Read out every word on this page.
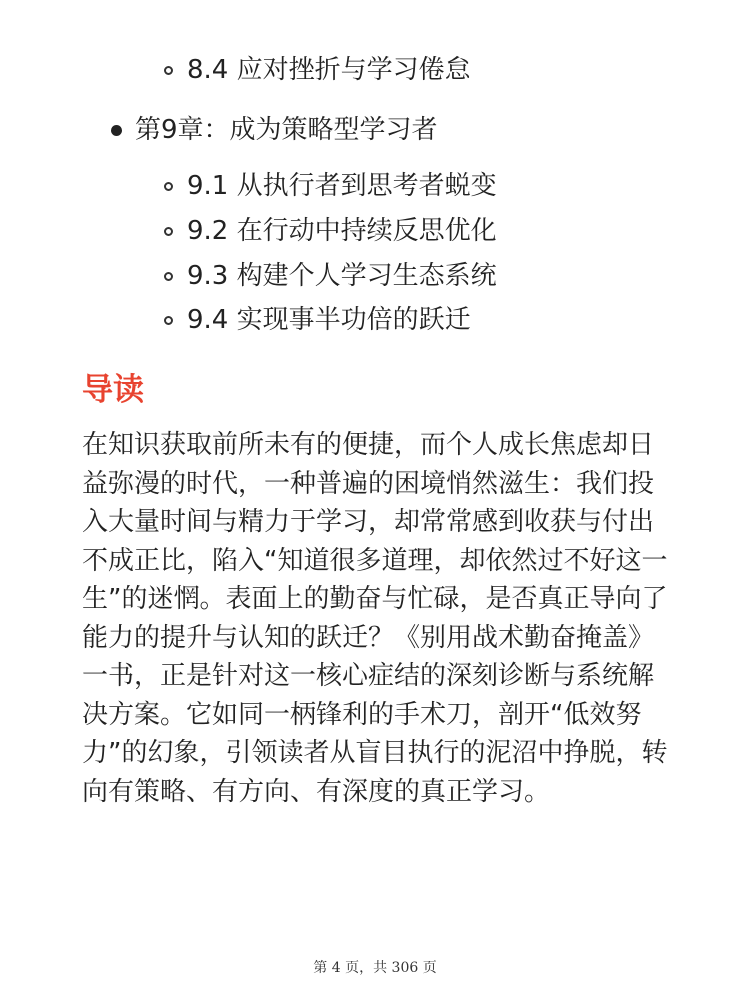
8.4 应对挫折与学习倦怠
第9章：成为策略型学习者
9.1 从执行者到思考者蜕变
9.2 在行动中持续反思优化
9.3 构建个人学习生态系统
9.4 实现事半功倍的跃迁
导读

在知识获取前所未有的便捷，而个人成长焦虑却日益弥漫的时代，一种普遍的困境悄然滋生：我们投入大量时间与精力于学习，却常常感到收获与付出不成正比，陷入“知道很多道理，却依然过不好这一生”的迷惘。表面上的勤奋与忙碌，是否真正导向了能力的提升与认知的跃迁？《别用战术勤奋掩盖》一书，正是针对这一核心症结的深刻诊断与系统解决方案。它如同一柄锋利的手术刀，剖开“低效努力”的幻象，引领读者从盲目执行的泥沼中挣脱，转向有策略、有方向、有深度的真正学习。

第 4 页，共 306 页
